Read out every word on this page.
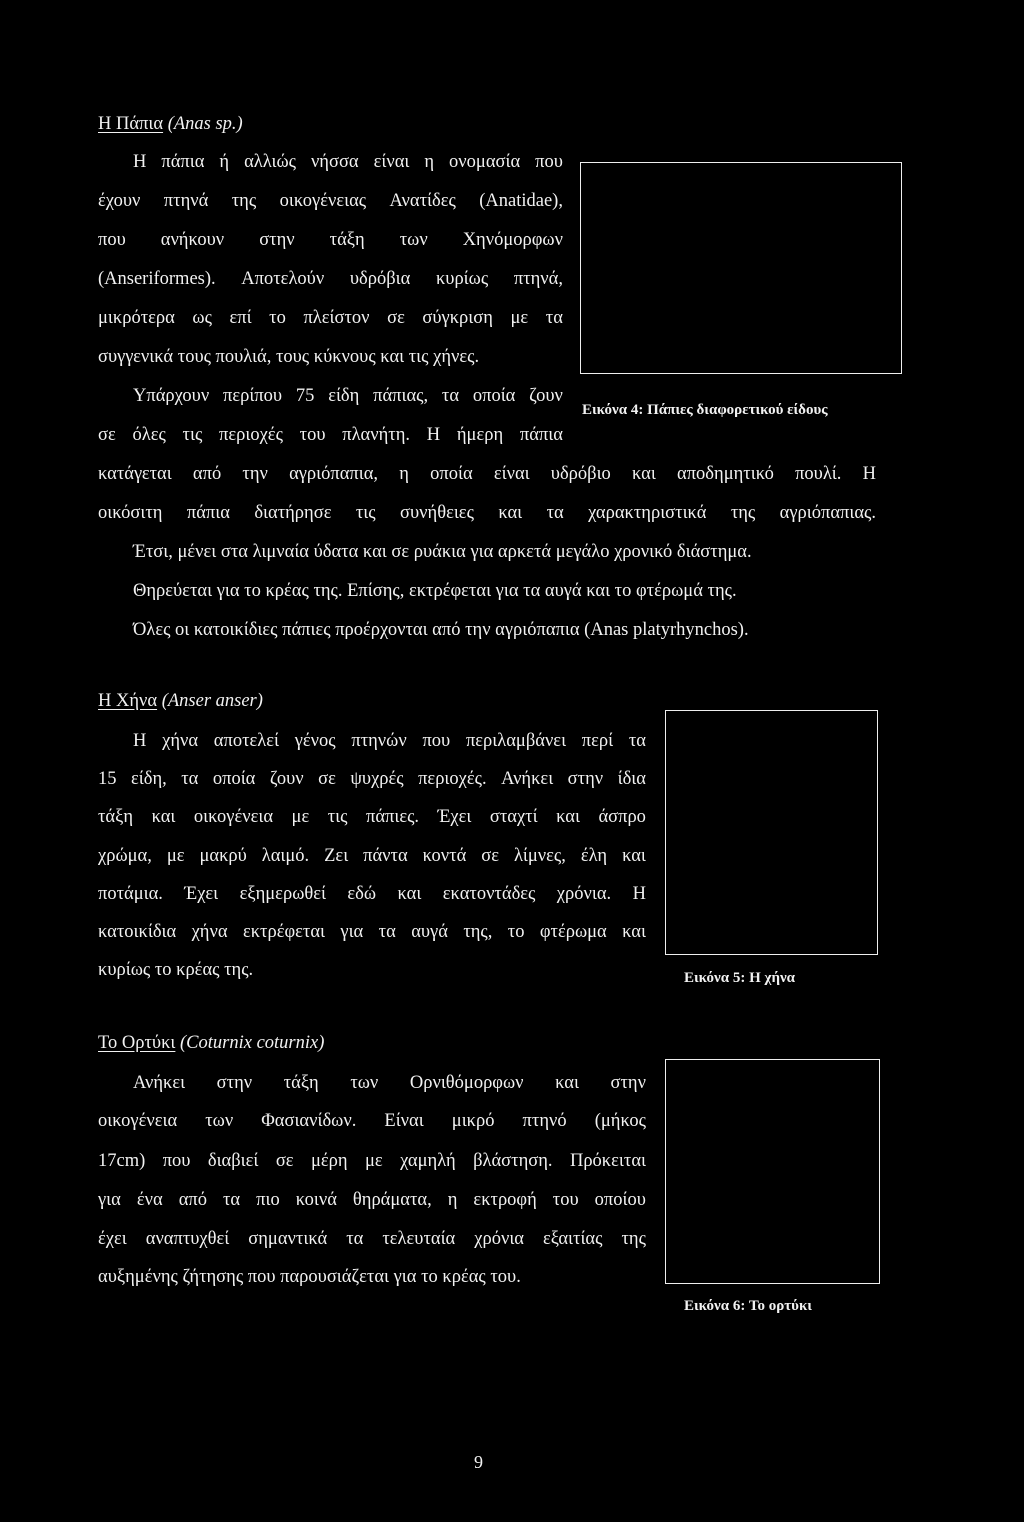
Η Πάπια (Anas sp.)
Η πάπια ή αλλιώς νήσσα είναι η ονομασία που
έχουν πτηνά της οικογένειας Ανατίδες (Anatidae),
που ανήκουν στην τάξη των Χηνόμορφων
(Anseriformes). Αποτελούν υδρόβια κυρίως πτηνά,
μικρότερα ως επί το πλείστον σε σύγκριση με τα
συγγενικά τους πουλιά, τους κύκνους και τις χήνες.
Υπάρχουν περίπου 75 είδη πάπιας, τα οποία ζουν
σε όλες τις περιοχές του πλανήτη. Η ήμερη πάπια
κατάγεται από την αγριόπαπια, η οποία είναι υδρόβιο και αποδημητικό πουλί. Η
οικόσιτη πάπια διατήρησε τις συνήθειες και τα χαρακτηριστικά της αγριόπαπιας.
Έτσι, μένει στα λιμναία ύδατα και σε ρυάκια για αρκετά μεγάλο χρονικό διάστημα.
Θηρεύεται για το κρέας της. Επίσης, εκτρέφεται για τα αυγά και το φτέρωμά της.
Όλες οι κατοικίδιες πάπιες προέρχονται από την αγριόπαπια (Anas platyrhynchos).
Εικόνα 4: Πάπιες διαφορετικού είδους
Η Χήνα (Anser anser)
Η χήνα αποτελεί γένος πτηνών που περιλαμβάνει περί τα
15 είδη, τα οποία ζουν σε ψυχρές περιοχές. Ανήκει στην ίδια
τάξη και οικογένεια με τις πάπιες. Έχει σταχτί και άσπρο
χρώμα, με μακρύ λαιμό. Ζει πάντα κοντά σε λίμνες, έλη και
ποτάμια. Έχει εξημερωθεί εδώ και εκατοντάδες χρόνια. Η
κατοικίδια χήνα εκτρέφεται για τα αυγά της, το φτέρωμα και
κυρίως το κρέας της.	Εικόνα 5: Η χήνα
Το Ορτύκι (Coturnix coturnix)
Ανήκει στην τάξη των Ορνιθόμορφων και στην
οικογένεια των Φασιανίδων. Είναι μικρό πτηνό (μήκος
17cm) που διαβιεί σε μέρη με χαμηλή βλάστηση. Πρόκειται
για ένα από τα πιο κοινά θηράματα, η εκτροφή του οποίου
έχει αναπτυχθεί σημαντικά τα τελευταία χρόνια εξαιτίας της
αυξημένης ζήτησης που παρουσιάζεται για το κρέας του.
Εικόνα 6: Το ορτύκι
9
